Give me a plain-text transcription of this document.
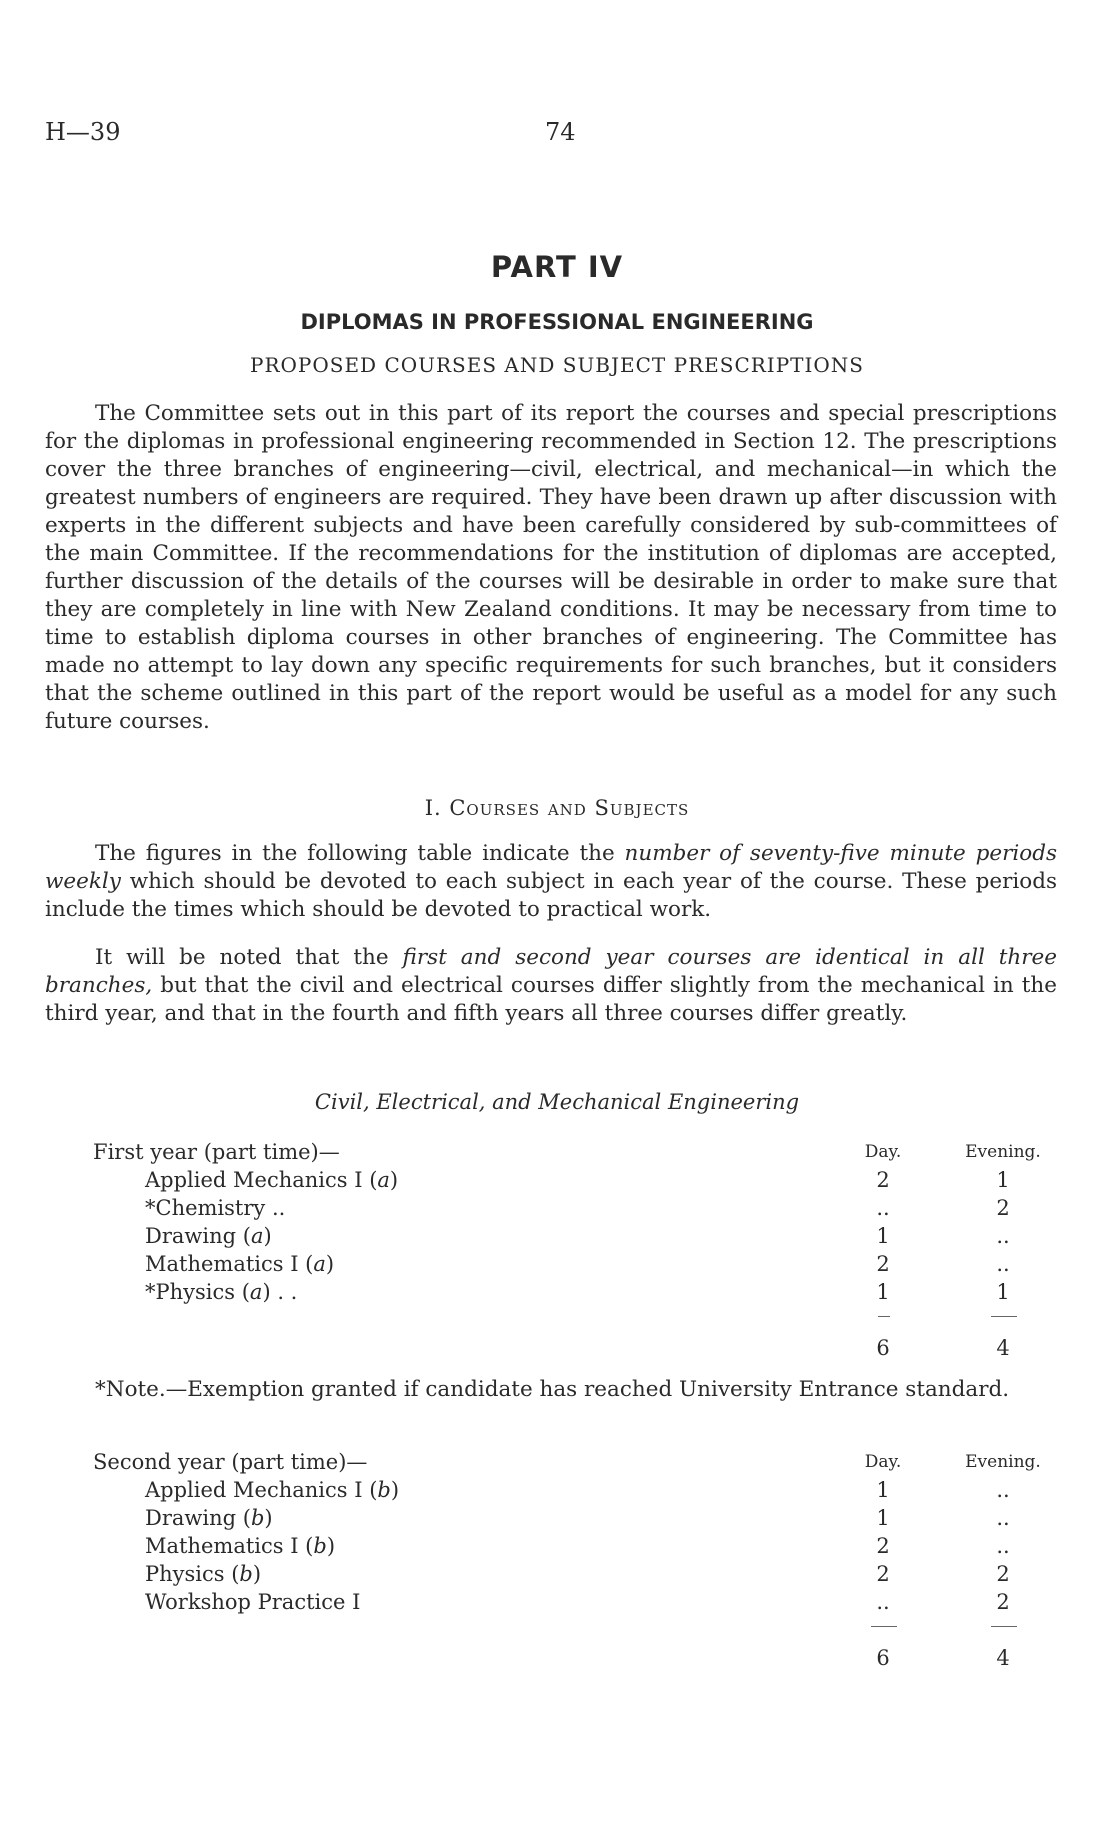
H—39	74
PART IV
DIPLOMAS IN PROFESSIONAL ENGINEERING
PROPOSED COURSES AND SUBJECT PRESCRIPTIONS

The Committee sets out in this part of its report the courses and special prescriptions for the diplomas in professional engineering recommended in Section 12. The prescriptions cover the three branches of engineering—civil, electrical, and mechanical—in which the greatest numbers of engineers are required. They have been drawn up after discussion with experts in the different subjects and have been carefully considered by sub-committees of the main Committee. If the recommendations for the institution of diplomas are accepted, further discussion of the details of the courses will be desirable in order to make sure that they are completely in line with New Zealand conditions. It may be necessary from time to time to establish diploma courses in other branches of engineering. The Committee has made no attempt to lay down any specific requirements for such branches, but it considers that the scheme outlined in this part of the report would be useful as a model for any such future courses.

I. Courses and Subjects

The figures in the following table indicate the number of seventy-five minute periods weekly which should be devoted to each subject in each year of the course. These periods include the times which should be devoted to practical work.

It will be noted that the first and second year courses are identical in all three branches, but that the civil and electrical courses differ slightly from the mechanical in the third year, and that in the fourth and fifth years all three courses differ greatly.

Civil, Electrical, and Mechanical Engineering
First year (part time)—	Day.	Evening.
Applied Mechanics I (a)	2	1
*Chemistry ..	..	2
Drawing (a)	1	..
Mathematics I (a)	2	..
*Physics (a) . .	1	1
6	4
*Note.—Exemption granted if candidate has reached University Entrance standard.
Second year (part time)—	Day.	Evening.
Applied Mechanics I (b)	1	..
Drawing (b)	1	..
Mathematics I (b)	2	..
Physics (b)	2	2
Workshop Practice I	..	2
6	4
